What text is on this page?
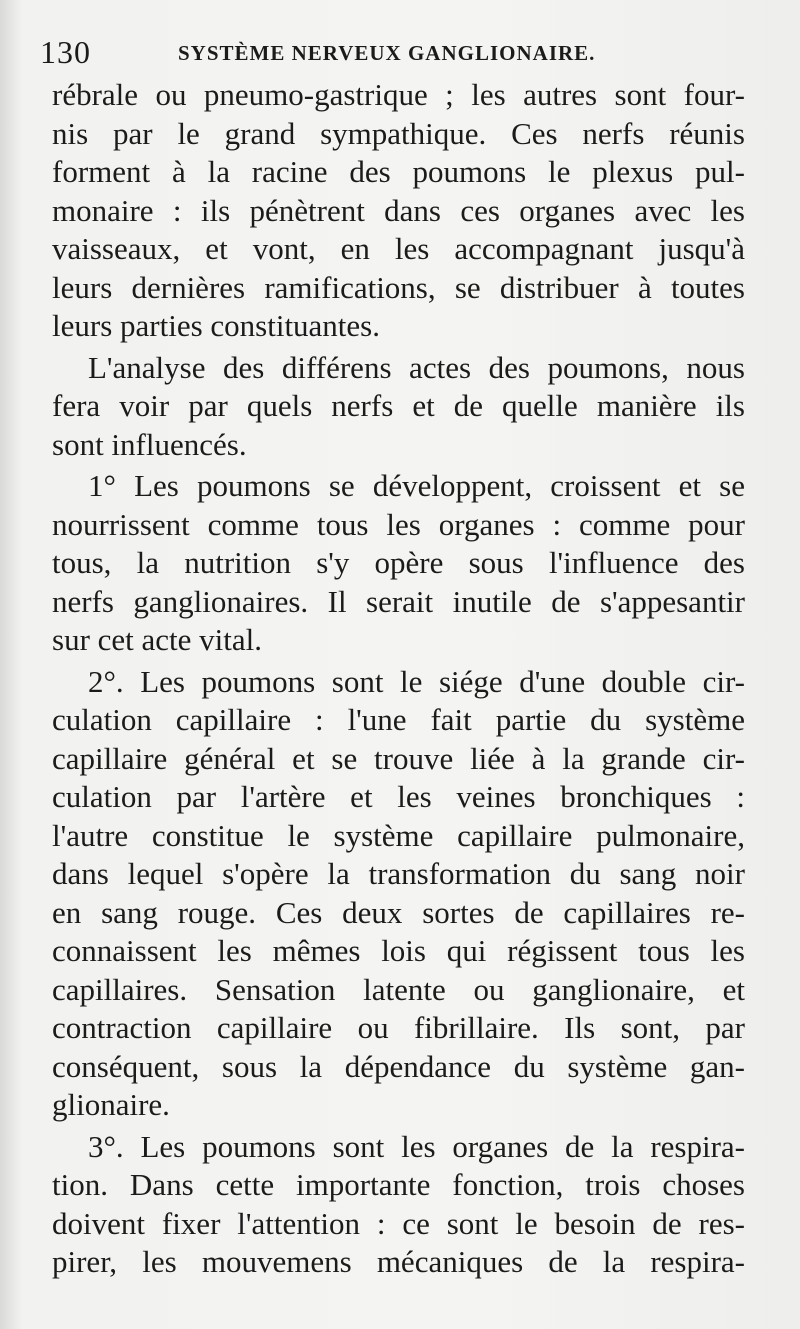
130	SYSTÈME NERVEUX GANGLIONAIRE.
rébrale ou pneumo-gastrique ; les autres sont four-
nis par le grand sympathique. Ces nerfs réunis
forment à la racine des poumons le plexus pul-
monaire : ils pénètrent dans ces organes avec les
vaisseaux, et vont, en les accompagnant jusqu'à
leurs dernières ramifications, se distribuer à toutes
leurs parties constituantes.
L'analyse des différens actes des poumons, nous
fera voir par quels nerfs et de quelle manière ils
sont influencés.
1° Les poumons se développent, croissent et se
nourrissent comme tous les organes : comme pour
tous, la nutrition s'y opère sous l'influence des
nerfs ganglionaires. Il serait inutile de s'appesantir
sur cet acte vital.
2°. Les poumons sont le siége d'une double cir-
culation capillaire : l'une fait partie du système
capillaire général et se trouve liée à la grande cir-
culation par l'artère et les veines bronchiques :
l'autre constitue le système capillaire pulmonaire,
dans lequel s'opère la transformation du sang noir
en sang rouge. Ces deux sortes de capillaires re-
connaissent les mêmes lois qui régissent tous les
capillaires. Sensation latente ou ganglionaire, et
contraction capillaire ou fibrillaire. Ils sont, par
conséquent, sous la dépendance du système gan-
glionaire.
3°. Les poumons sont les organes de la respira-
tion. Dans cette importante fonction, trois choses
doivent fixer l'attention : ce sont le besoin de res-
pirer, les mouvemens mécaniques de la respira-
